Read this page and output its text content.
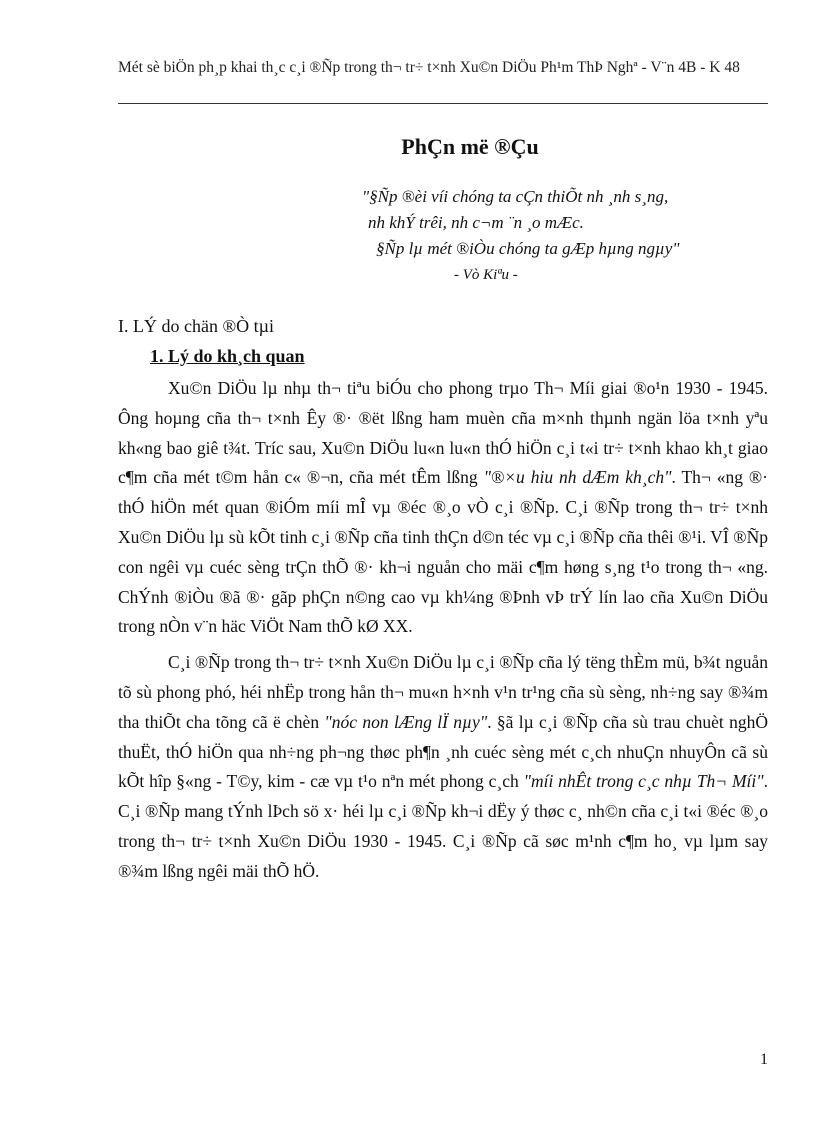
Mét sè biÖn ph¸p khai th¸c c¸i ®Ñp trong th¬ tr÷ t×nh Xu©n DiÖu Ph¹m ThÞ Nghª - V¨n 4B - K 48
PhÇn më ®Çu
"§Ñp ®èi víi chóng ta cÇn thiÕt nh ¸nh s¸ng,
nh khÝ trêi, nh c¬m ¨n ¸o mÆc.
§Ñp lµ mét ®iÒu chóng ta gÆp hµng ngµy"
- Vò Kiªu -
I. LÝ do chän ®Ò tµi
1. Lý do kh¸ch quan

Xu©n DiÖu lµ nhµ th¬ tiªu biÓu cho phong trµo Th¬ Míi giai ®o¹n 1930 - 1945. Ông hoµng cña th¬ t×nh Êy ®· ®ët lßng ham muèn cña m×nh thµnh ngän löa t×nh yªu kh«ng bao giê t¾t. Tríc sau, Xu©n DiÖu lu«n lu«n thÓ hiÖn c¸i t«i tr÷ t×nh khao kh¸t giao c¶m cña mét t©m hån c« ®¬n, cña mét tÊm lßng "®×u hiu nh dÆm kh¸ch". Th¬ «ng ®· thÓ hiÖn mét quan ®iÓm míi mÎ vµ ®éc ®¸o vÒ c¸i ®Ñp. C¸i ®Ñp trong th¬ tr÷ t×nh Xu©n DiÖu lµ sù kÕt tinh c¸i ®Ñp cña tinh thÇn d©n téc vµ c¸i ®Ñp cña thêi ®¹i. VÎ ®Ñp con ngêi vµ cuéc sèng trÇn thÕ ®· kh¬i nguån cho mäi c¶m høng s¸ng t¹o trong th¬ «ng. ChÝnh ®iÒu ®ã ®· gãp phÇn n©ng cao vµ kh¼ng ®Þnh vÞ trÝ lín lao cña Xu©n DiÖu trong nÒn v¨n häc ViÖt Nam thÕ kØ XX.

C¸i ®Ñp trong th¬ tr÷ t×nh Xu©n DiÖu lµ c¸i ®Ñp cña lý tëng thÈm mü, b¾t nguån tõ sù phong phó, héi nhËp trong hån th¬ mu«n h×nh v¹n tr¹ng cña sù sèng, nh÷ng say ®¾m tha thiÕt cha tõng cã ë chèn "nóc non lÆng lÏ nµy". §ã lµ c¸i ®Ñp cña sù trau chuèt nghÖ thuËt, thÓ hiÖn qua nh÷ng ph¬ng thøc ph¶n ¸nh cuéc sèng mét c¸ch nhuÇn nhuyÔn cã sù kÕt hîp §«ng - T©y, kim - cæ vµ t¹o nªn mét phong c¸ch "míi nhÊt trong c¸c nhµ Th¬ Míi". C¸i ®Ñp mang tÝnh lÞch sö x· héi lµ c¸i ®Ñp kh¬i dËy ý thøc c¸ nh©n cña c¸i t«i ®éc ®¸o trong th¬ tr÷ t×nh Xu©n DiÖu 1930 - 1945. C¸i ®Ñp cã søc m¹nh c¶m ho¸ vµ lµm say ®¾m lßng ngêi mäi thÕ hÖ.

1
